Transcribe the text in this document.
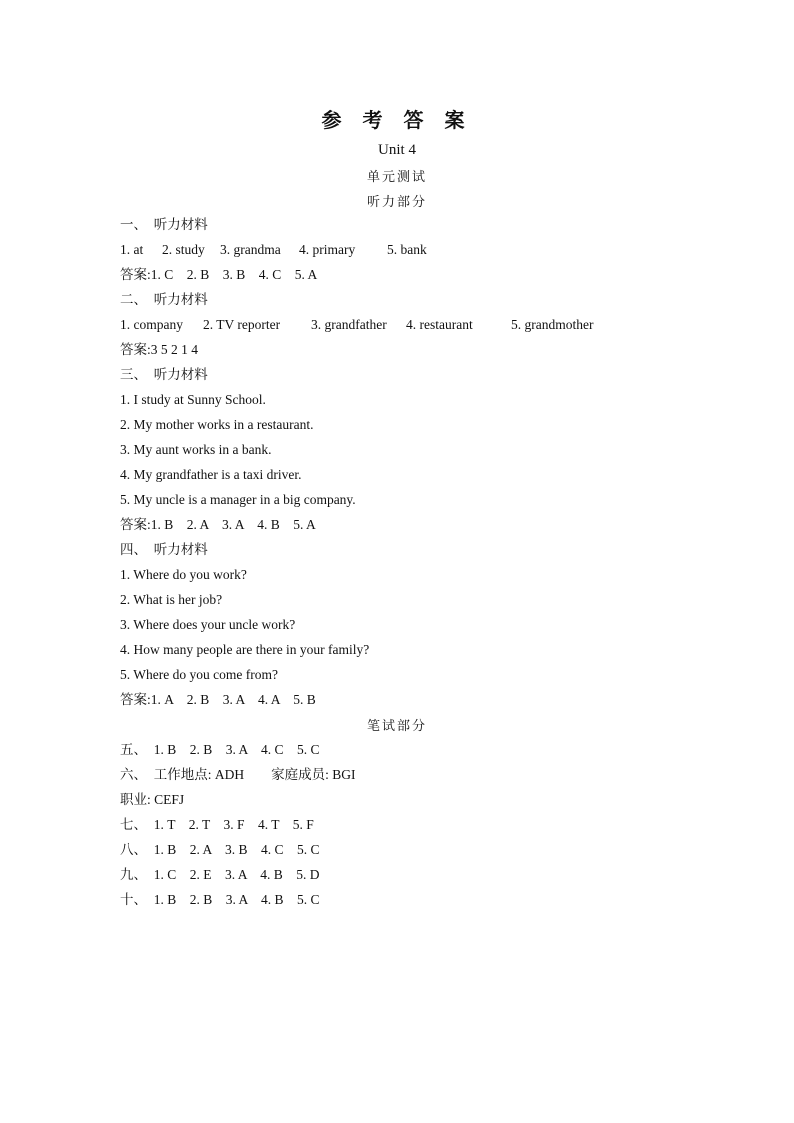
参 考 答 案
Unit 4
单元测试
听力部分
一、  听力材料

1. at

2. study

3. grandma

4. primary

5. bank

答案:1. C    2. B    3. B    4. C    5. A
二、  听力材料

1. company

2. TV reporter

3. grandfather

4. restaurant

	5. grandmother

答案:3 5 2 1 4
三、  听力材料
1. I study at Sunny School.
2. My mother works in a restaurant.
3. My aunt works in a bank.
4. My grandfather is a taxi driver.
5. My uncle is a manager in a big company.
答案:1. B    2. A    3. A    4. B    5. A
四、  听力材料
1. Where do you work?
2. What is her job?
3. Where does your uncle work?
4. How many people are there in your family?
5. Where do you come from?
答案:1. A    2. B    3. A    4. A    5. B
笔试部分
五、  1. B    2. B    3. A    4. C    5. C
六、  工作地点: ADH        家庭成员: BGI
职业: CEFJ
七、  1. T    2. T    3. F    4. T    5. F
八、  1. B    2. A    3. B    4. C    5. C
九、  1. C    2. E    3. A    4. B    5. D
十、  1. B    2. B    3. A    4. B    5. C
